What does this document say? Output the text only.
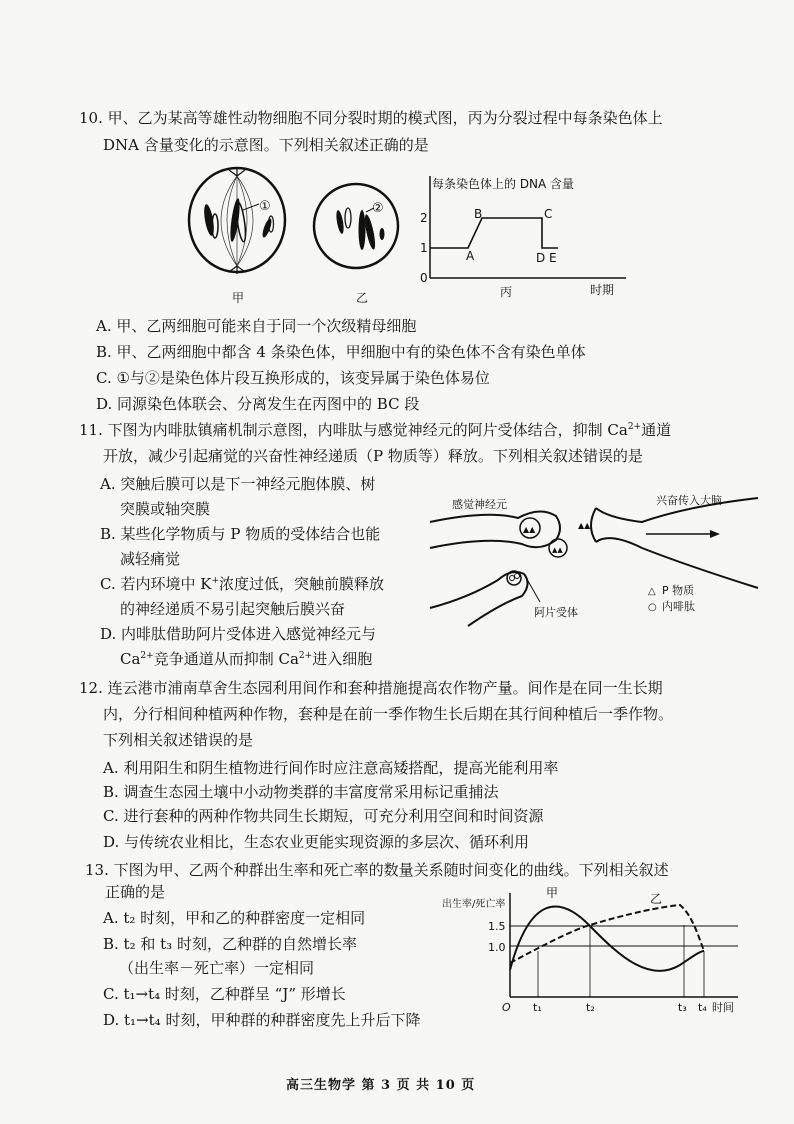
10. 甲、乙为某高等雄性动物细胞不同分裂时期的模式图，丙为分裂过程中每条染色体上
DNA 含量变化的示意图。下列相关叙述正确的是
①
甲
②
乙
每条染色体上的 DNA 含量
2
1
0
A
B	C
D E
时期
丙
A. 甲、乙两细胞可能来自于同一个次级精母细胞
B. 甲、乙两细胞中都含 4 条染色体，甲细胞中有的染色体不含有染色单体
C. ①与②是染色体片段互换形成的，该变异属于染色体易位
D. 同源染色体联会、分离发生在丙图中的 BC 段
11. 下图为内啡肽镇痛机制示意图，内啡肽与感觉神经元的阿片受体结合，抑制 $Ca^{2+}$通道
开放，减少引起痛觉的兴奋性神经递质（P 物质等）释放。下列相关叙述错误的是
A. 突触后膜可以是下一神经元胞体膜、树
突膜或轴突膜
B. 某些化学物质与 P 物质的受体结合也能
减轻痛觉
C. 若内环境中 K+浓度过低，突触前膜释放
的神经递质不易引起突触后膜兴奋
D. 内啡肽借助阿片受体进入感觉神经元与
$Ca^{2+}$竞争通道从而抑制 $Ca^{2+}$进入细胞
▲▲
▲▲
▲▲
感觉神经元	兴奋传入大脑
阿片受体
△ P 物质
○ 内啡肽
12. 连云港市浦南草舍生态园利用间作和套种措施提高农作物产量。间作是在同一生长期
内，分行相间种植两种作物，套种是在前一季作物生长后期在其行间种植后一季作物。
下列相关叙述错误的是
A. 利用阳生和阴生植物进行间作时应注意高矮搭配，提高光能利用率
B. 调查生态园土壤中小动物类群的丰富度常采用标记重捕法
C. 进行套种的两种作物共同生长期短，可充分利用空间和时间资源
D. 与传统农业相比，生态农业更能实现资源的多层次、循环利用
13. 下图为甲、乙两个种群出生率和死亡率的数量关系随时间变化的曲线。下列相关叙述
正确的是
A. t₂ 时刻，甲和乙的种群密度一定相同
B. t₂ 和 t₃ 时刻，乙种群的自然增长率
（出生率－死亡率）一定相同
C. t₁→t₄ 时刻，乙种群呈 “J” 形增长
D. t₁→t₄ 时刻，甲种群的种群密度先上升后下降
出生率/死亡率
甲	乙
1.5
1.0
O t₁	t₂	t₃ t₄ 时间
高三生物学 第 3 页 共 10 页
